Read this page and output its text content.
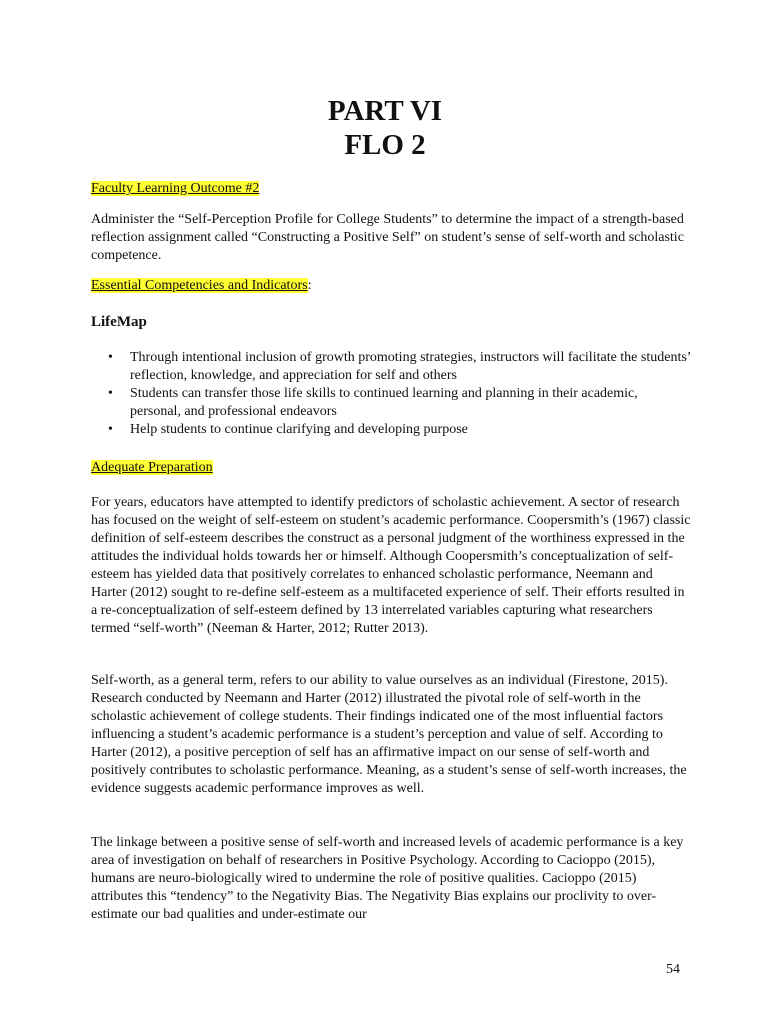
PART VI
FLO 2
Faculty Learning Outcome #2

Administer the “Self-Perception Profile for College Students” to determine the impact of a strength-based reflection assignment called “Constructing a Positive Self” on student’s sense of self-worth and scholastic competence.

Essential Competencies and Indicators:
LifeMap
• Through intentional inclusion of growth promoting strategies, instructors will facilitate the students’ reflection, knowledge, and appreciation for self and others
• Students can transfer those life skills to continued learning and planning in their academic, personal, and professional endeavors
• Help students to continue clarifying and developing purpose
Adequate Preparation

For years, educators have attempted to identify predictors of scholastic achievement. A sector of research has focused on the weight of self-esteem on student’s academic performance. Coopersmith’s (1967) classic definition of self-esteem describes the construct as a personal judgment of the worthiness expressed in the attitudes the individual holds towards her or himself. Although Coopersmith’s conceptualization of self-esteem has yielded data that positively correlates to enhanced scholastic performance, Neemann and Harter (2012) sought to re-define self-esteem as a multifaceted experience of self. Their efforts resulted in a re-conceptualization of self-esteem defined by 13 interrelated variables capturing what researchers termed “self-worth” (Neeman & Harter, 2012; Rutter 2013).

Self-worth, as a general term, refers to our ability to value ourselves as an individual (Firestone, 2015). Research conducted by Neemann and Harter (2012) illustrated the pivotal role of self-worth in the scholastic achievement of college students. Their findings indicated one of the most influential factors influencing a student’s academic performance is a student’s perception and value of self. According to Harter (2012), a positive perception of self has an affirmative impact on our sense of self-worth and positively contributes to scholastic performance. Meaning, as a student’s sense of self-worth increases, the evidence suggests academic performance improves as well.

The linkage between a positive sense of self-worth and increased levels of academic performance is a key area of investigation on behalf of researchers in Positive Psychology. According to Cacioppo (2015), humans are neuro-biologically wired to undermine the role of positive qualities. Cacioppo (2015) attributes this “tendency” to the Negativity Bias. The Negativity Bias explains our proclivity to over-estimate our bad qualities and under-estimate our

54
